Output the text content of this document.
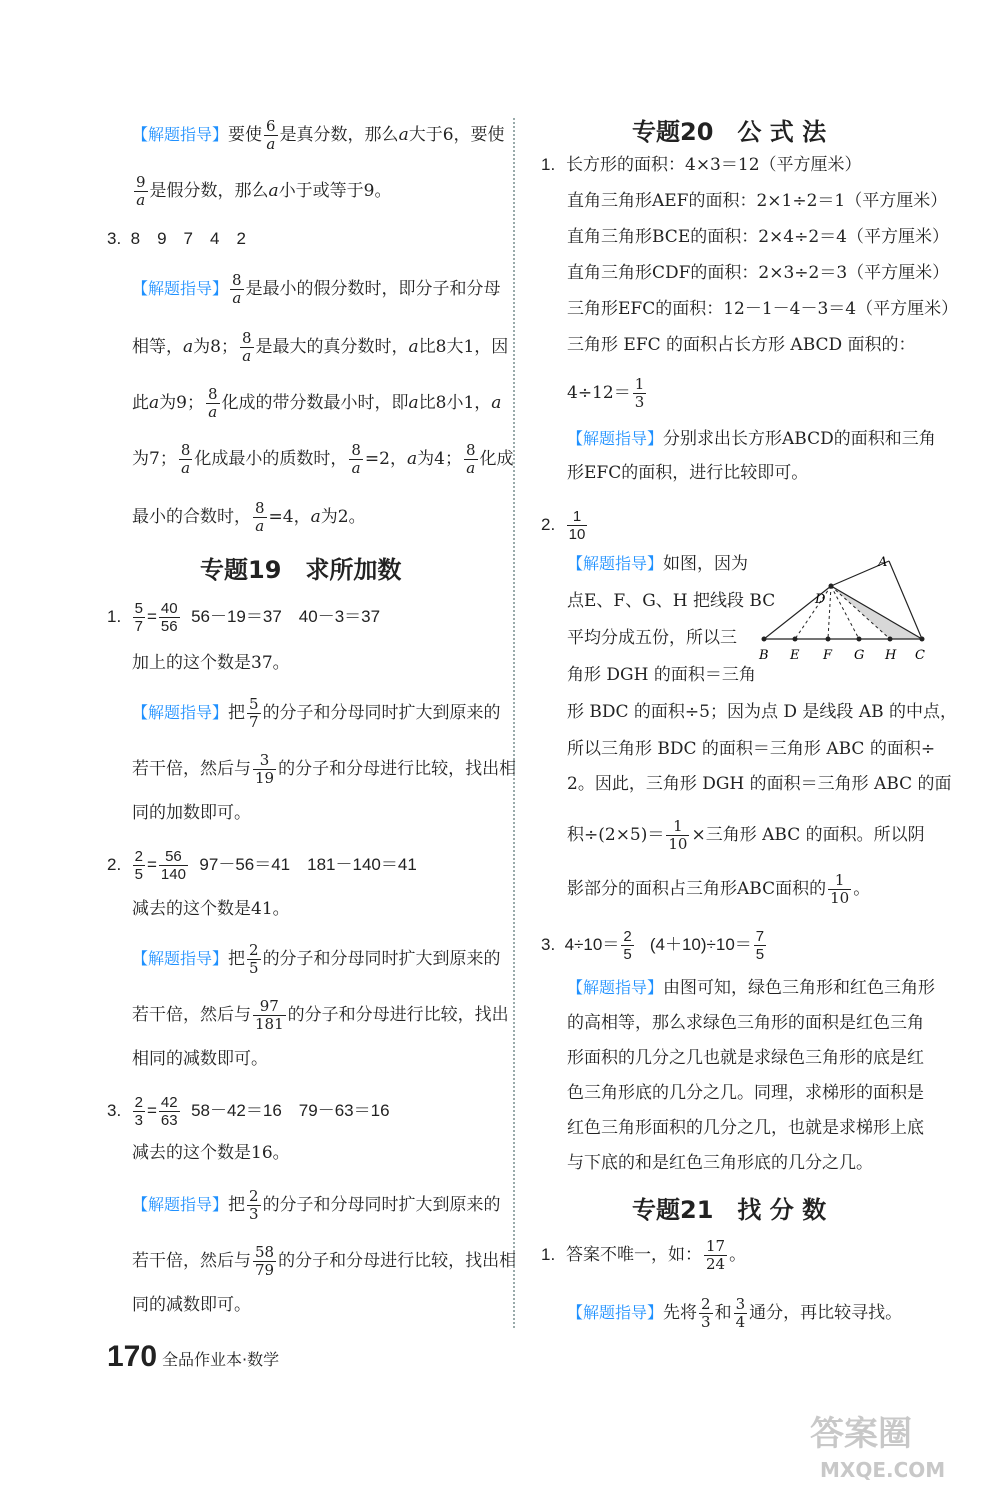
【解题指导】要使 $\frac{6}{a}$ 是真分数，那么a大于6，要使
$\frac{9}{a}$ 是假分数，那么a小于或等于9。
3. 8　9　7　4　2
【解题指导】 $\frac{8}{a}$ 是最小的假分数时，即分子和分母
相等，a为8； $\frac{8}{a}$ 是最大的真分数时，a比8大1，因
此a为9； $\frac{8}{a}$ 化成的带分数最小时，即a比8小1，a
为7； $\frac{8}{a}$ 化成最小的质数时， $\frac{8}{a} =2$，a为4； $\frac{8}{a}$ 化成
最小的合数时， $\frac{8}{a} =4$，a为2。
专题19　求所加数
1. $\frac{5}{7} = \frac{40}{56} 56-19=37$　40－3＝37
加上的这个数是37。
【解题指导】把 $\frac{5}{7}$ 的分子和分母同时扩大到原来的
若干倍，然后与 $\frac{3}{19}$ 的分子和分母进行比较，找出相
同的加数即可。
2. $\frac{2}{5} = \frac{56}{140} 97-56=41$　181－140＝41
减去的这个数是41。
【解题指导】把 $\frac{2}{5}$ 的分子和分母同时扩大到原来的
若干倍，然后与 $\frac{97}{181}$ 的分子和分母进行比较，找出
相同的减数即可。
3. $\frac{2}{3} = \frac{42}{63} 58-42=16$　79－63＝16
减去的这个数是16。
【解题指导】把 $\frac{2}{3}$ 的分子和分母同时扩大到原来的
若干倍，然后与 $\frac{58}{79}$ 的分子和分母进行比较，找出相
同的减数即可。
专题20　公 式 法
1. 长方形的面积：4×3＝12（平方厘米）
直角三角形AEF的面积：2×1÷2＝1（平方厘米）
直角三角形BCE的面积：2×4÷2＝4（平方厘米）
直角三角形CDF的面积：2×3÷2＝3（平方厘米）
三角形EFC的面积：12－1－4－3＝4（平方厘米）
三角形 EFC 的面积占长方形 ABCD 面积的：
$4\div 12= \frac{1}{3}$
【解题指导】分别求出长方形ABCD的面积和三角
形EFC的面积，进行比较即可。
2. $\frac{1}{10}$
【解题指导】如图，因为
点E、F、G、H 把线段 BC
平均分成五份，所以三
角形 DGH 的面积＝三角
形 BDC 的面积÷5；因为点 D 是线段 AB 的中点，
所以三角形 BDC 的面积＝三角形 ABC 的面积÷
2。因此，三角形 DGH 的面积＝三角形 ABC 的面
积$\div(2\times 5)= \frac{1}{10}$ ×三角形 ABC 的面积。所以阴
影部分的面积占三角形ABC面积的 $\frac{1}{10}$ 。
A
D
B E F G H C
3. $4\div 10= \frac{2}{5} (4+10)\div 10= \frac{7}{5}$
【解题指导】由图可知，绿色三角形和红色三角形
的高相等，那么求绿色三角形的面积是红色三角
形面积的几分之几也就是求绿色三角形的底是红
色三角形底的几分之几。同理，求梯形的面积是
红色三角形面积的几分之几，也就是求梯形上底
与下底的和是红色三角形底的几分之几。
专题21　找 分 数
1. 答案不唯一，如： $\frac{17}{24}$ 。
【解题指导】先将 $\frac{2}{3}$ 和 $\frac{3}{4}$ 通分，再比较寻找。
170 全品作业本·数学
答案圈
MXQE.COM
